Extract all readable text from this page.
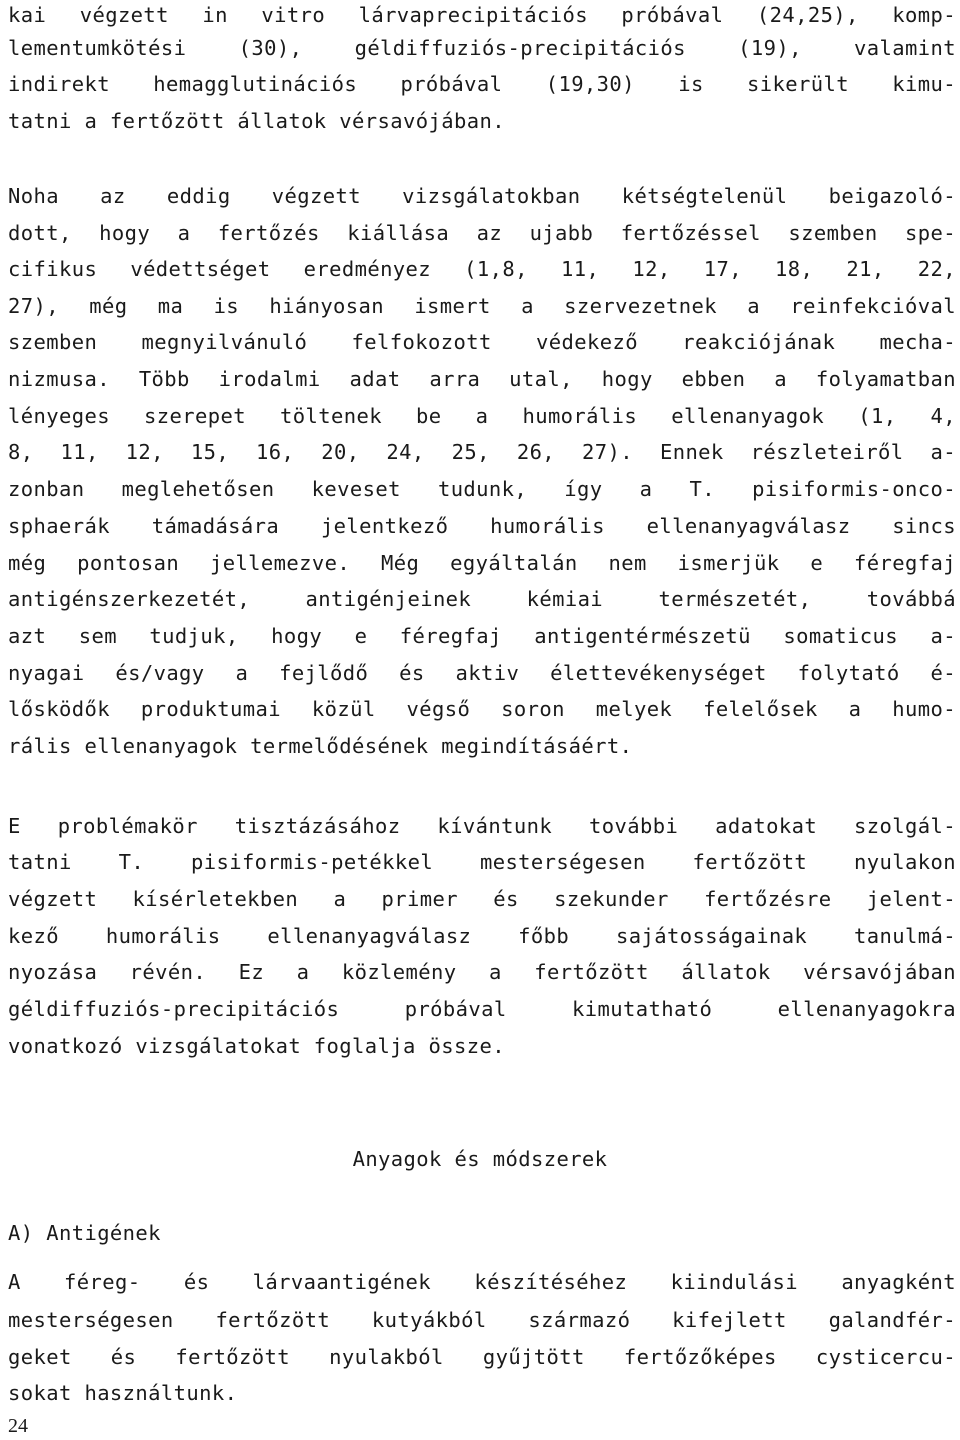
kai végzett in vitro lárvaprecipitációs próbával (24,25), komp-
lementumkötési (30), géldiffuziós-precipitációs (19), valamint
indirekt hemagglutinációs próbával (19,30) is sikerült kimu-
tatni a fertőzött állatok vérsavójában.
Noha az eddig végzett vizsgálatokban kétségtelenül beigazoló-
dott, hogy a fertőzés kiállása az ujabb fertőzéssel szemben spe-
cifikus védettséget eredményez (1,8, 11, 12, 17, 18, 21, 22,
27), még ma is hiányosan ismert a szervezetnek a reinfekcióval
szemben megnyilvánuló felfokozott védekező reakciójának mecha-
nizmusa. Több irodalmi adat arra utal, hogy ebben a folyamatban
lényeges szerepet töltenek be a humorális ellenanyagok (1, 4,
8, 11, 12, 15, 16, 20, 24, 25, 26, 27). Ennek részleteiről a-
zonban meglehetősen keveset tudunk, így a T. pisiformis-onco-
sphaerák támadására jelentkező humorális ellenanyagválasz sincs
még pontosan jellemezve. Még egyáltalán nem ismerjük e féregfaj
antigénszerkezetét, antigénjeinek kémiai természetét, továbbá
azt sem tudjuk, hogy e féregfaj antigentérmészetü somaticus a-
nyagai és/vagy a fejlődő és aktiv élettevékenységet folytató é-
lősködők produktumai közül végső soron melyek felelősek a humo-
rális ellenanyagok termelődésének megindításáért.
E problémakör tisztázásához kívántunk további adatokat szolgál-
tatni T. pisiformis-petékkel mesterségesen fertőzött nyulakon
végzett kísérletekben a primer és szekunder fertőzésre jelent-
kező humorális ellenanyagválasz főbb sajátosságainak tanulmá-
nyozása révén. Ez a közlemény a fertőzött állatok vérsavójában
géldiffuziós-precipitációs próbával kimutatható ellenanyagokra
vonatkozó vizsgálatokat foglalja össze.
Anyagok és módszerek
A) Antigének
A féreg- és lárvaantigének készítéséhez kiindulási anyagként
mesterségesen fertőzött kutyákból származó kifejlett galandfér-
geket és fertőzött nyulakból gyűjtött fertőzőképes cysticercu-
sokat használtunk.
24
